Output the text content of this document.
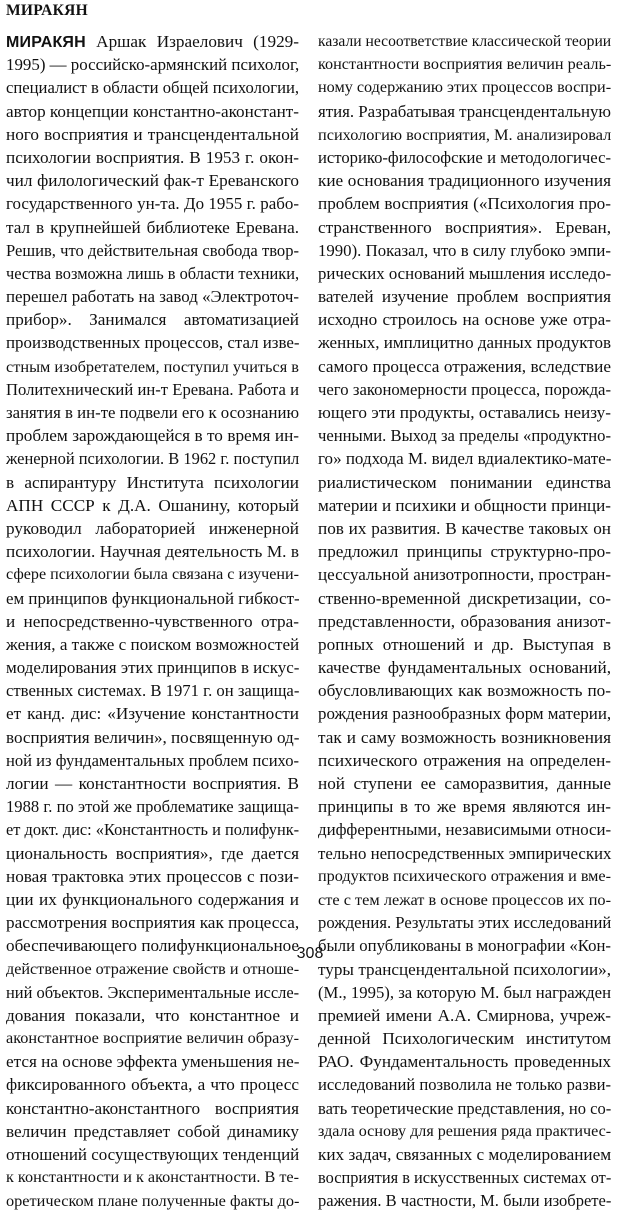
МИРАКЯН
МИРАКЯН Аршак Израелович (1929-
1995) — российско-армянский психолог,
специалист в области общей психологии,
автор концепции константно-аконстант-
ного восприятия и трансцендентальной
психологии восприятия. В 1953 г. окон-
чил филологический фак-т Ереванского
государственного ун-та. До 1955 г. рабо-
тал в крупнейшей библиотеке Еревана.
Решив, что действительная свобода твор-
чества возможна лишь в области техники,
перешел работать на завод «Электроточ-
прибор». Занимался автоматизацией
производственных процессов, стал изве-
стным изобретателем, поступил учиться в
Политехнический ин-т Еревана. Работа и
занятия в ин-те подвели его к осознанию
проблем зарождающейся в то время ин-
женерной психологии. В 1962 г. поступил
в аспирантуру Института психологии
АПН СССР к Д.А. Ошанину, который
руководил лабораторией инженерной
психологии. Научная деятельность М. в
сфере психологии была связана с изучени-
ем принципов функциональной гибкост-
и непосредственно-чувственного отра-
жения, а также с поиском возможностей
моделирования этих принципов в искус-
ственных системах. В 1971 г. он защища-
ет канд. дис: «Изучение константности
восприятия величин», посвященную од-
ной из фундаментальных проблем психо-
логии — константности восприятия. В
1988 г. по этой же проблематике защища-
ет докт. дис: «Константность и полифунк-
циональность восприятия», где дается
новая трактовка этих процессов с пози-
ции их функционального содержания и
рассмотрения восприятия как процесса,
обеспечивающего полифункциональное
действенное отражение свойств и отноше-
ний объектов. Экспериментальные иссле-
дования показали, что константное и
аконстантное восприятие величин образу-
ется на основе эффекта уменьшения не-
фиксированного объекта, а что процесс
константно-аконстантного восприятия
величин представляет собой динамику
отношений сосуществующих тенденций
к константности и к аконстантности. В те-
оретическом плане полученные факты до-
казали несоответствие классической теории
константности восприятия величин реаль-
ному содержанию этих процессов воспри-
ятия. Разрабатывая трансцендентальную
психологию восприятия, М. анализировал
историко-философские и методологичес-
кие основания традиционного изучения
проблем восприятия («Психология про-
странственного восприятия». Ереван,
1990). Показал, что в силу глубоко эмпи-
рических оснований мышления исследо-
вателей изучение проблем восприятия
исходно строилось на основе уже отра-
женных, имплицитно данных продуктов
самого процесса отражения, вследствие
чего закономерности процесса, порожда-
ющего эти продукты, оставались неизу-
ченными. Выход за пределы «продуктно-
го» подхода М. видел вдиалектико-мате-
риалистическом понимании единства
материи и психики и общности принци-
пов их развития. В качестве таковых он
предложил принципы структурно-про-
цессуальной анизотропности, простран-
ственно-временной дискретизации, со-
представленности, образования анизот-
ропных отношений и др. Выступая в
качестве фундаментальных оснований,
обусловливающих как возможность по-
рождения разнообразных форм материи,
так и саму возможность возникновения
психического отражения на определен-
ной ступени ее саморазвития, данные
принципы в то же время являются ин-
дифферентными, независимыми относи-
тельно непосредственных эмпирических
продуктов психического отражения и вме-
сте с тем лежат в основе процессов их по-
рождения. Результаты этих исследований
были опубликованы в монографии «Кон-
туры трансцендентальной психологии»,
(М., 1995), за которую М. был награжден
премией имени А.А. Смирнова, учреж-
денной Психологическим институтом
РАО. Фундаментальность проведенных
исследований позволила не только разви-
вать теоретические представления, но со-
здала основу для решения ряда практичес-
ких задач, связанных с моделированием
восприятия в искусственных системах от-
ражения. В частности, М. были изобрете-
308
